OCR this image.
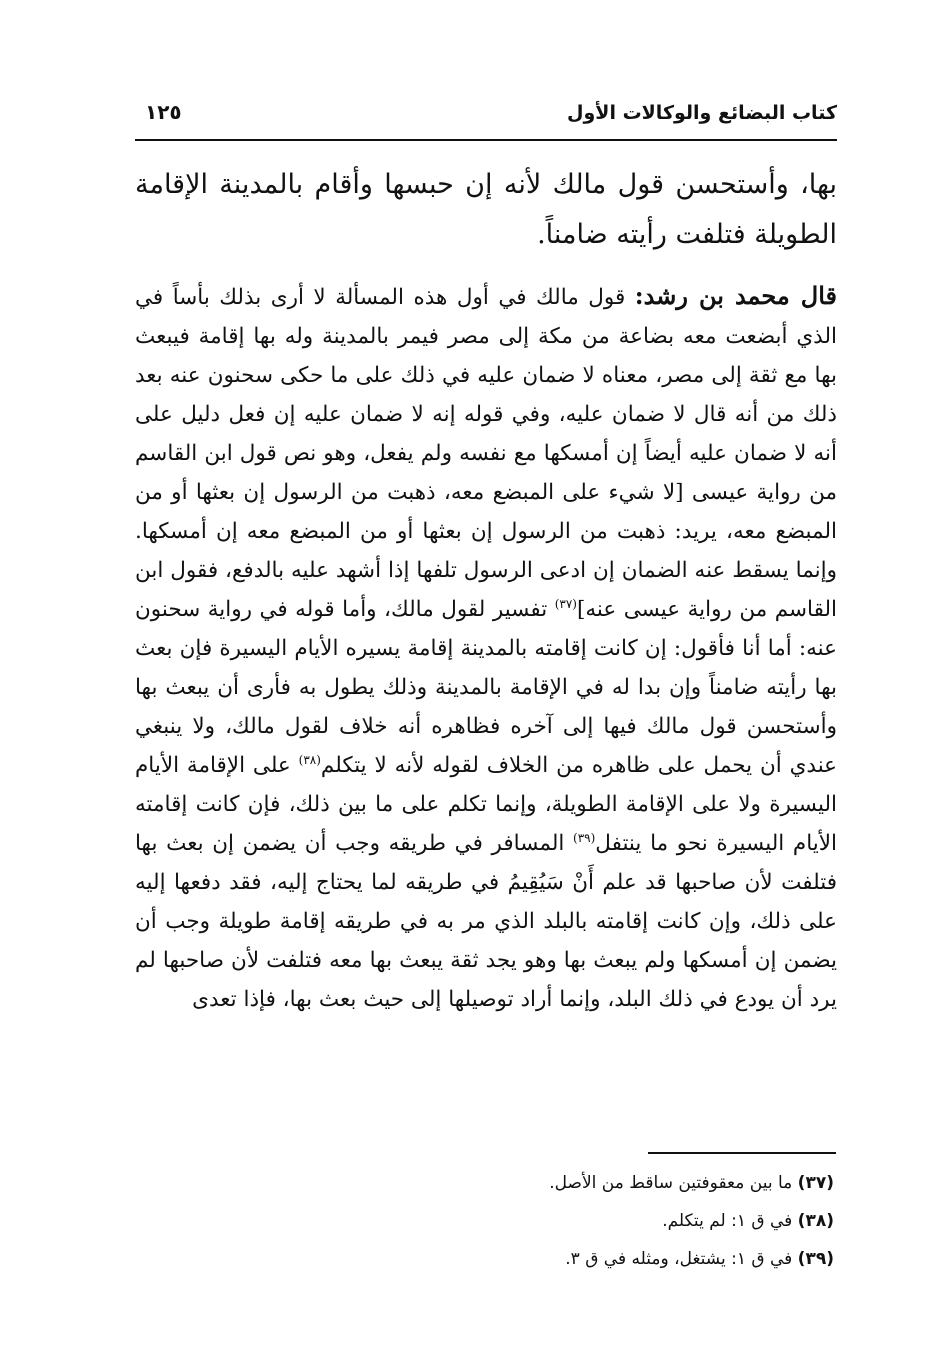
كتاب البضائع والوكالات الأول
١٢٥

بها، وأستحسن قول مالك لأنه إن حبسها وأقام بالمدينة الإقامة الطويلة فتلفت رأيته ضامناً.

قال محمد بن رشد: قول مالك في أول هذه المسألة لا أرى بذلك بأساً في الذي أبضعت معه بضاعة من مكة إلى مصر فيمر بالمدينة وله بها إقامة فيبعث بها مع ثقة إلى مصر، معناه لا ضمان عليه في ذلك على ما حكى سحنون عنه بعد ذلك من أنه قال لا ضمان عليه، وفي قوله إنه لا ضمان عليه إن فعل دليل على أنه لا ضمان عليه أيضاً إن أمسكها مع نفسه ولم يفعل، وهو نص قول ابن القاسم من رواية عيسى [لا شيء على المبضع معه، ذهبت من الرسول إن بعثها أو من المبضع معه، يريد: ذهبت من الرسول إن بعثها أو من المبضع معه إن أمسكها. وإنما يسقط عنه الضمان إن ادعى الرسول تلفها إذا أشهد عليه بالدفع، فقول ابن القاسم من رواية عيسى عنه]$^{(٣٧)}$ تفسير لقول مالك، وأما قوله في رواية سحنون عنه: أما أنا فأقول: إن كانت إقامته بالمدينة إقامة يسيره الأيام اليسيرة فإن بعث بها رأيته ضامناً وإن بدا له في الإقامة بالمدينة وذلك يطول به فأرى أن يبعث بها وأستحسن قول مالك فيها إلى آخره فظاهره أنه خلاف لقول مالك، ولا ينبغي عندي أن يحمل على ظاهره من الخلاف لقوله لأنه لا يتكلم$^{(٣٨)}$ على الإقامة الأيام اليسيرة ولا على الإقامة الطويلة، وإنما تكلم على ما بين ذلك، فإن كانت إقامته الأيام اليسيرة نحو ما ينتفل$^{(٣٩)}$ المسافر في طريقه وجب أن يضمن إن بعث بها فتلفت لأن صاحبها قد علم أَنْ سَيُقِيمُ في طريقه لما يحتاج إليه، فقد دفعها إليه على ذلك، وإن كانت إقامته بالبلد الذي مر به في طريقه إقامة طويلة وجب أن يضمن إن أمسكها ولم يبعث بها وهو يجد ثقة يبعث بها معه فتلفت لأن صاحبها لم يرد أن يودع في ذلك البلد، وإنما أراد توصيلها إلى حيث بعث بها، فإذا تعدى

(٣٧) ما بين معقوفتين ساقط من الأصل.
(٣٨) في ق ١: لم يتكلم.
(٣٩) في ق ١: يشتغل، ومثله في ق ٣.
